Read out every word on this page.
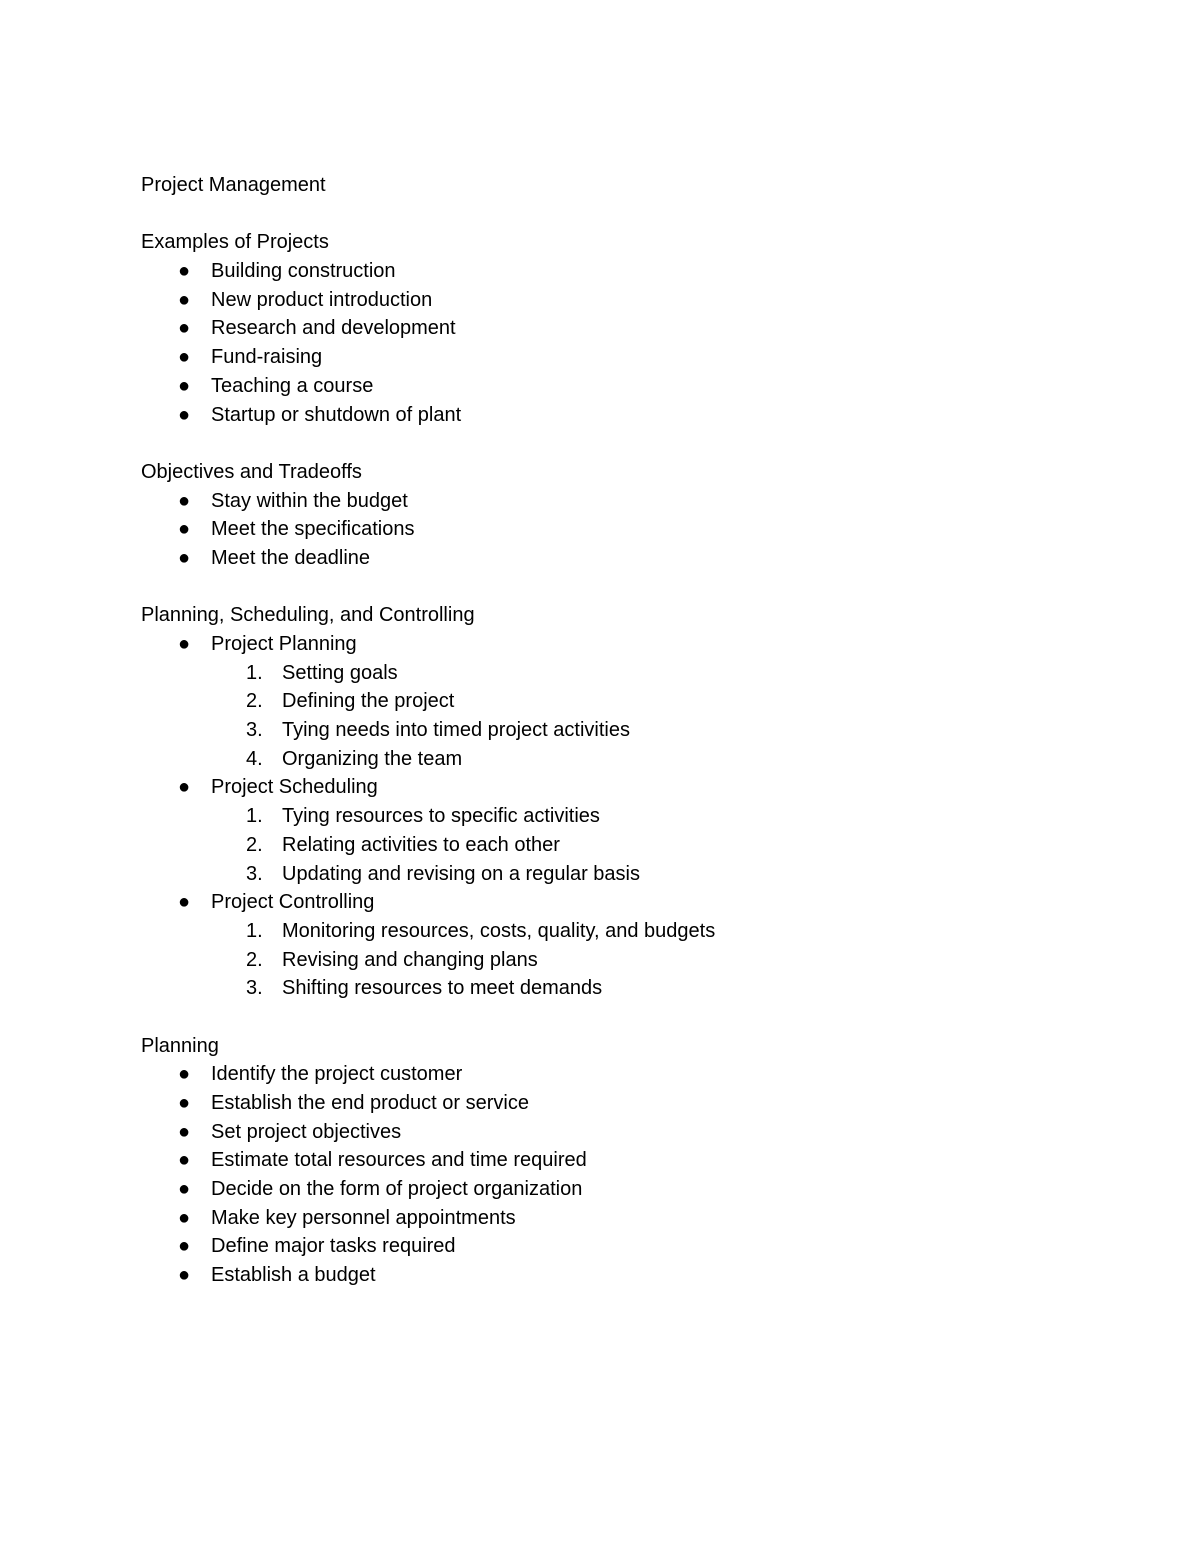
Project Management
Examples of Projects
● Building construction
● New product introduction
● Research and development
● Fund-raising
● Teaching a course
● Startup or shutdown of plant
Objectives and Tradeoffs
● Stay within the budget
● Meet the specifications
● Meet the deadline
Planning, Scheduling, and Controlling
● Project Planning
1. Setting goals
2. Defining the project
3. Tying needs into timed project activities
4. Organizing the team
● Project Scheduling
1. Tying resources to specific activities
2. Relating activities to each other
3. Updating and revising on a regular basis
● Project Controlling
1. Monitoring resources, costs, quality, and budgets
2. Revising and changing plans
3. Shifting resources to meet demands
Planning
● Identify the project customer
● Establish the end product or service
● Set project objectives
● Estimate total resources and time required
● Decide on the form of project organization
● Make key personnel appointments
● Define major tasks required
● Establish a budget
